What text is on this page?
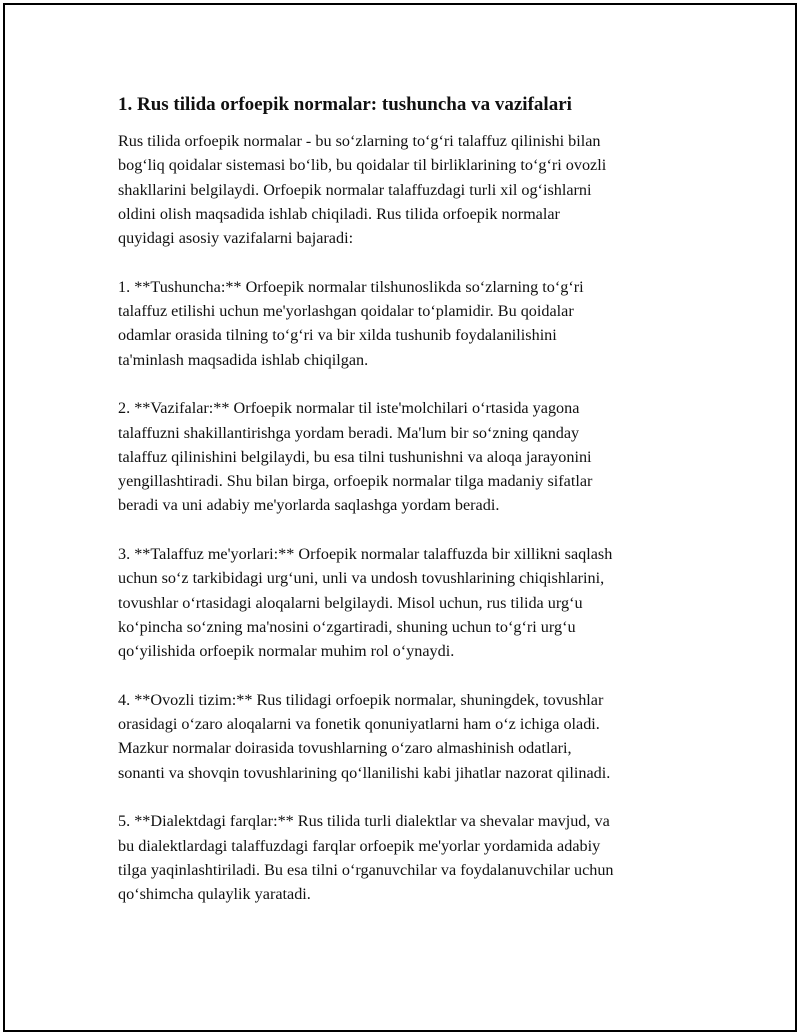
1. Rus tilida orfoepik normalar: tushuncha va vazifalari
Rus tilida orfoepik normalar - bu so‘zlarning to‘g‘ri talaffuz qilinishi bilan
bog‘liq qoidalar sistemasi bo‘lib, bu qoidalar til birliklarining to‘g‘ri ovozli
shakllarini belgilaydi. Orfoepik normalar talaffuzdagi turli xil og‘ishlarni
oldini olish maqsadida ishlab chiqiladi. Rus tilida orfoepik normalar
quyidagi asosiy vazifalarni bajaradi:
1. **Tushuncha:** Orfoepik normalar tilshunoslikda so‘zlarning to‘g‘ri
talaffuz etilishi uchun me'yorlashgan qoidalar to‘plamidir. Bu qoidalar
odamlar orasida tilning to‘g‘ri va bir xilda tushunib foydalanilishini
ta'minlash maqsadida ishlab chiqilgan.
2. **Vazifalar:** Orfoepik normalar til iste'molchilari o‘rtasida yagona
talaffuzni shakillantirishga yordam beradi. Ma'lum bir so‘zning qanday
talaffuz qilinishini belgilaydi, bu esa tilni tushunishni va aloqa jarayonini
yengillashtiradi. Shu bilan birga, orfoepik normalar tilga madaniy sifatlar
beradi va uni adabiy me'yorlarda saqlashga yordam beradi.
3. **Talaffuz me'yorlari:** Orfoepik normalar talaffuzda bir xillikni saqlash
uchun so‘z tarkibidagi urg‘uni, unli va undosh tovushlarining chiqishlarini,
tovushlar o‘rtasidagi aloqalarni belgilaydi. Misol uchun, rus tilida urg‘u
ko‘pincha so‘zning ma'nosini o‘zgartiradi, shuning uchun to‘g‘ri urg‘u
qo‘yilishida orfoepik normalar muhim rol o‘ynaydi.
4. **Ovozli tizim:** Rus tilidagi orfoepik normalar, shuningdek, tovushlar
orasidagi o‘zaro aloqalarni va fonetik qonuniyatlarni ham o‘z ichiga oladi.
Mazkur normalar doirasida tovushlarning o‘zaro almashinish odatlari,
sonanti va shovqin tovushlarining qo‘llanilishi kabi jihatlar nazorat qilinadi.
5. **Dialektdagi farqlar:** Rus tilida turli dialektlar va shevalar mavjud, va
bu dialektlardagi talaffuzdagi farqlar orfoepik me'yorlar yordamida adabiy
tilga yaqinlashtiriladi. Bu esa tilni o‘rganuvchilar va foydalanuvchilar uchun
qo‘shimcha qulaylik yaratadi.
